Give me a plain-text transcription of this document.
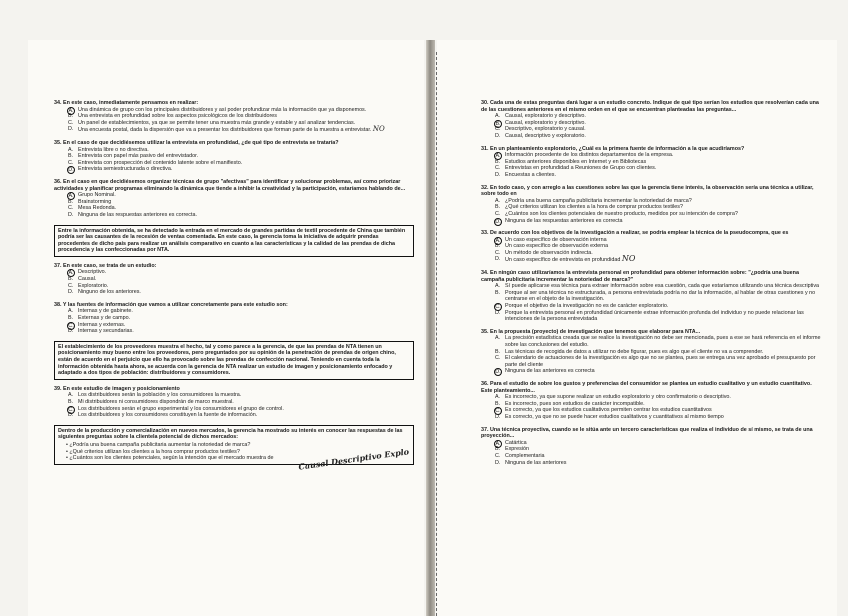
34. En este caso, inmediatamente pensamos en realizar:
A. Una dinámica de grupo con los principales distribuidores y así poder profundizar más la información que ya disponemos.
B. Una entrevista en profundidad sobre los aspectos psicológicos de los distribuidores
C. Un panel de establecimientos, ya que se permite tener una muestra más grande y estable y así analizar tendencias.
D. Una encuesta postal, dada la dispersión que va a presentar los distribuidores que forman parte de la muestra a entrevistar. NO
35. En el caso de que decidiésemos utilizar la entrevista en profundidad, ¿de qué tipo de entrevista se trataría?
A. Entrevista libre o no directiva.
B. Entrevista con papel más pasivo del entrevistador.
C. Entrevista con prospección del contenido latente sobre el manifiesto.
D. Entrevista semiestructurada o directiva.
36. En el caso en que decidiésemos organizar técnicas de grupo "afectivas" para identificar y solucionar problemas, así como priorizar actividades y planificar programas eliminando la dinámica que tiende a inhibir la creatividad y la participación, estaríamos hablando de...
A. Grupo Nominal.
B. Brainstorming
C. Mesa Redonda.
D. Ninguna de las respuestas anteriores es correcta.
Entre la información obtenida, se ha detectado la entrada en el mercado de grandes partidas de textil procedente de China que también podría ser las causantes de la recesión de ventas comentada. En este caso, la gerencia toma la iniciativa de adquirir prendas procedentes de dicho país para realizar un análisis comparativo en cuanto a las características y la calidad de las prendas de dicha procedencia y las confeccionadas por NTA.
37. En este caso, se trata de un estudio:
A. Descriptivo.
B. Causal.
C. Exploratorio.
D. Ninguno de los anteriores.
38. Y las fuentes de información que vamos a utilizar concretamente para este estudio son:
A. Internas y de gabinete.
B. Externas y de campo.
C. Internas y externas.
D. Internas y secundarias.
El establecimiento de los proveedores muestra el hecho, tal y como parece a la gerencia, de que las prendas de NTA tienen un posicionamiento muy bueno entre los proveedores, pero preguntados por su opinión de la penetración de prendas de origen chino, están de acuerdo en el perjuicio que ello ha provocado sobre las prendas de confección nacional. Teniendo en cuenta toda la información obtenida hasta ahora, se acuerda con la gerencia de NTA realizar un estudio de imagen y posicionamiento enfocado y adaptado a dos tipos de población: distribuidores y consumidores.
39. En este estudio de imagen y posicionamiento
A. Los distribuidores serán la población y los consumidores la muestra.
B. Mi distribuidores ni consumidores dispondrán de marco muestral.
C. Los distribuidores serán el grupo experimental y los consumidores el grupo de control.
D. Los distribuidores y los consumidores constituyen la fuente de información.
Dentro de la producción y comercialización en nuevos mercados, la gerencia ha mostrado su interés en conocer las respuestas de las siguientes preguntas sobre la clientela potencial de dichos mercados:
• ¿Podría una buena campaña publicitaria aumentar la notoriedad de marca?
• ¿Qué criterios utilizan los clientes a la hora comprar productos textiles?
• ¿Cuántos son los clientes potenciales, según la intención que el mercado muestra de	Causal Descriptivo Explo
30. Cada una de estas preguntas dará lugar a un estudio concreto. Indique de qué tipo serían los estudios que resolverían cada una de las cuestiones anteriores en el mismo orden en el que se encuentran planteadas las preguntas...
A. Causal, exploratorio y descriptivo.
B. Causal, exploratorio y descriptivo.
C. Descriptivo, exploratorio y causal.
D. Causal, descriptivo y exploratorio.
31. En un planteamiento exploratorio, ¿Cuál es la primera fuente de información a la que acudiríamos?
A. Información procedente de los distintos departamentos de la empresa.
B. Estudios anteriores disponibles en Internet y en Bibliotecas
C. Entrevistas en profundidad a Reuniones de Grupo con clientes.
D. Encuestas a clientes.
32. En todo caso, y con arreglo a las cuestiones sobre las que la gerencia tiene interés, la observación sería una técnica a utilizar, sobre todo en
A. ¿Podría una buena campaña publicitaria incrementar la notoriedad de marca?
B. ¿Qué criterios utilizan los clientes a la hora de comprar productos textiles?
C. ¿Cuántos son los clientes potenciales de nuestro producto, medidos por su intención de compra?
D. Ninguna de las respuestas anteriores es correcta
33. De acuerdo con los objetivos de la investigación a realizar, se podría emplear la técnica de la pseudocompra, que es
A. Un caso específico de observación interna
B. Un caso específico de observación externa
C. Un método de observación indirecta.
D. Un caso específico de entrevista en profundidad NO
34. En ningún caso utilizaríamos la entrevista personal en profundidad para obtener información sobre: "¿podría una buena campaña publicitaria incrementar la notoriedad de marca?"
A. Sí puede aplicarse esa técnica para extraer información sobre esa cuestión, cada que estaríamos utilizando una técnica descriptiva
B. Porque al ser una técnica no estructurada, a persona entrevistada podría no dar la información, al hablar de otras cuestiones y no centrarse en el objeto de la investigación.
C. Porque el objetivo de la investigación no es de carácter exploratorio.
D. Porque la entrevista personal en profundidad únicamente extrae información profunda del individuo y no puede relacionar las intenciones de la persona entrevistada
35. En la propuesta (proyecto) de investigación que tenemos que elaborar para NTA...
A. La precisión estadística creada que se realice la investigación no debe ser mencionada, pues a ese se hará referencia en el informe sobre las conclusiones del estudio.
B. Las técnicas de recogida de datos a utilizar no debe figurar, pues es algo que el cliente no va a comprender.
C. El calendario de actuaciones de la investigación es algo que no se plantea, pues se entrega una vez aprobado el presupuesto por parte del cliente
D. Ninguna de las anteriores es correcta
36. Para el estudio de sobre los gustos y preferencias del consumidor se plantea un estudio cualitativo y un estudio cuantitativo. Este planteamiento...
A. Es incorrecto, ya que supone realizar un estudio exploratorio y otro confirmatorio o descriptivo.
B. Es incorrecto, pues son estudios de carácter incompatible.
C. Es correcto, ya que los estudios cualitativos permiten centrar los estudios cuantitativos
D. Es correcto, ya que no se puede hacer estudios cualitativos y cuantitativos al mismo tiempo
37. Una técnica proyectiva, cuando se le sitúa ante un tercero características que realiza el individuo de sí mismo, se trata de una proyección...
A. Catártica
B. Expresión
C. Complementaria
D. Ninguna de las anteriores
